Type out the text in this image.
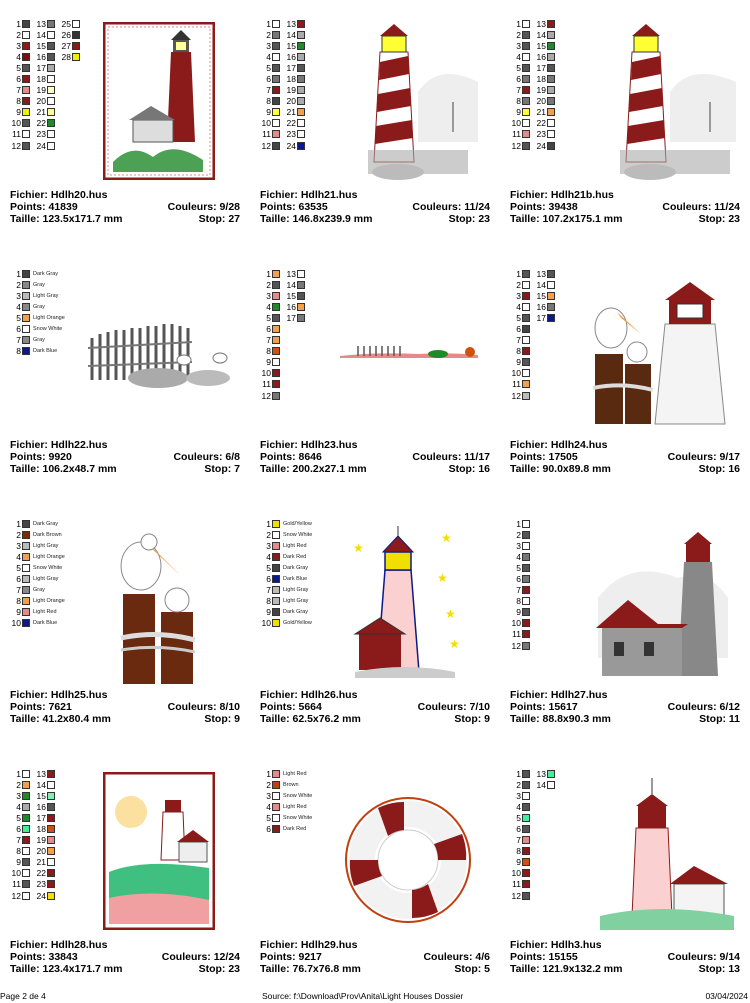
1
2
3
4
5
6
7
8
9
10
11
12
13
14
15
16
17
18
19
20
21
22
23
24
25
26
27
28
Fichier: Hdlh20.hus
Points: 41839	Couleurs: 9/28
Taille: 123.5x171.7 mm	Stop: 27
1
2
3
4
5
6
7
8
9
10
11
12
13
14
15
16
17
18
19
20
21
22
23
24
Fichier: Hdlh21.hus
Points: 63535	Couleurs: 11/24
Taille: 146.8x239.9 mm	Stop: 23
1
2
3
4
5
6
7
8
9
10
11
12
13
14
15
16
17
18
19
20
21
22
23
24
Fichier: Hdlh21b.hus
Points: 39438	Couleurs: 11/24
Taille: 107.2x175.1 mm	Stop: 23
1 Dark Gray
2 Gray
3 Light Gray
4 Gray
5 Light Orange
6 Snow White
7 Gray
8 Dark Blue
Fichier: Hdlh22.hus
Points: 9920	Couleurs: 6/8
Taille: 106.2x48.7 mm	Stop: 7
1
2
3
4
5
6
7
8
9
10
11
12
13
14
15
16
17
Fichier: Hdlh23.hus
Points: 8646	Couleurs: 11/17
Taille: 200.2x27.1 mm	Stop: 16
1
2
3
4
5
6
7
8
9
10
11
12
13
14
15
16
17
Fichier: Hdlh24.hus
Points: 17505	Couleurs: 9/17
Taille: 90.0x89.8 mm	Stop: 16
1 Dark Gray
2 Dark Brown
3 Light Gray
4 Light Orange
5 Snow White
6 Light Gray
7 Gray
8 Light Orange
9 Light Red
10 Dark Blue
Fichier: Hdlh25.hus
Points: 7621	Couleurs: 8/10
Taille: 41.2x80.4 mm	Stop: 9
1 Gold/Yellow
2 Snow White
3 Light Red
4 Dark Red
5 Dark Gray
6 Dark Blue
7 Light Gray
8 Light Gray
9 Dark Gray
10 Gold/Yellow
★
★
★
★
★
Fichier: Hdlh26.hus
Points: 5664	Couleurs: 7/10
Taille: 62.5x76.2 mm	Stop: 9
1
2
3
4
5
6
7
8
9
10
11
12
Fichier: Hdlh27.hus
Points: 15617	Couleurs: 6/12
Taille: 88.8x90.3 mm	Stop: 11
1
2
3
4
5
6
7
8
9
10
11
12
13
14
15
16
17
18
19
20
21
22
23
24
Fichier: Hdlh28.hus
Points: 33843	Couleurs: 12/24
Taille: 123.4x171.7 mm	Stop: 23
1 Light Red
2 Brown
3 Snow White
4 Light Red
5 Snow White
6 Dark Red
Fichier: Hdlh29.hus
Points: 9217	Couleurs: 4/6
Taille: 76.7x76.8 mm	Stop: 5
1
2
3
4
5
6
7
8
9
10
11
12
13
14
Fichier: Hdlh3.hus
Points: 15155	Couleurs: 9/14
Taille: 121.9x132.2 mm	Stop: 13
Page 2 de 4	Source: f:\Download\Prov\Anita\Light Houses Dossier	03/04/2024
